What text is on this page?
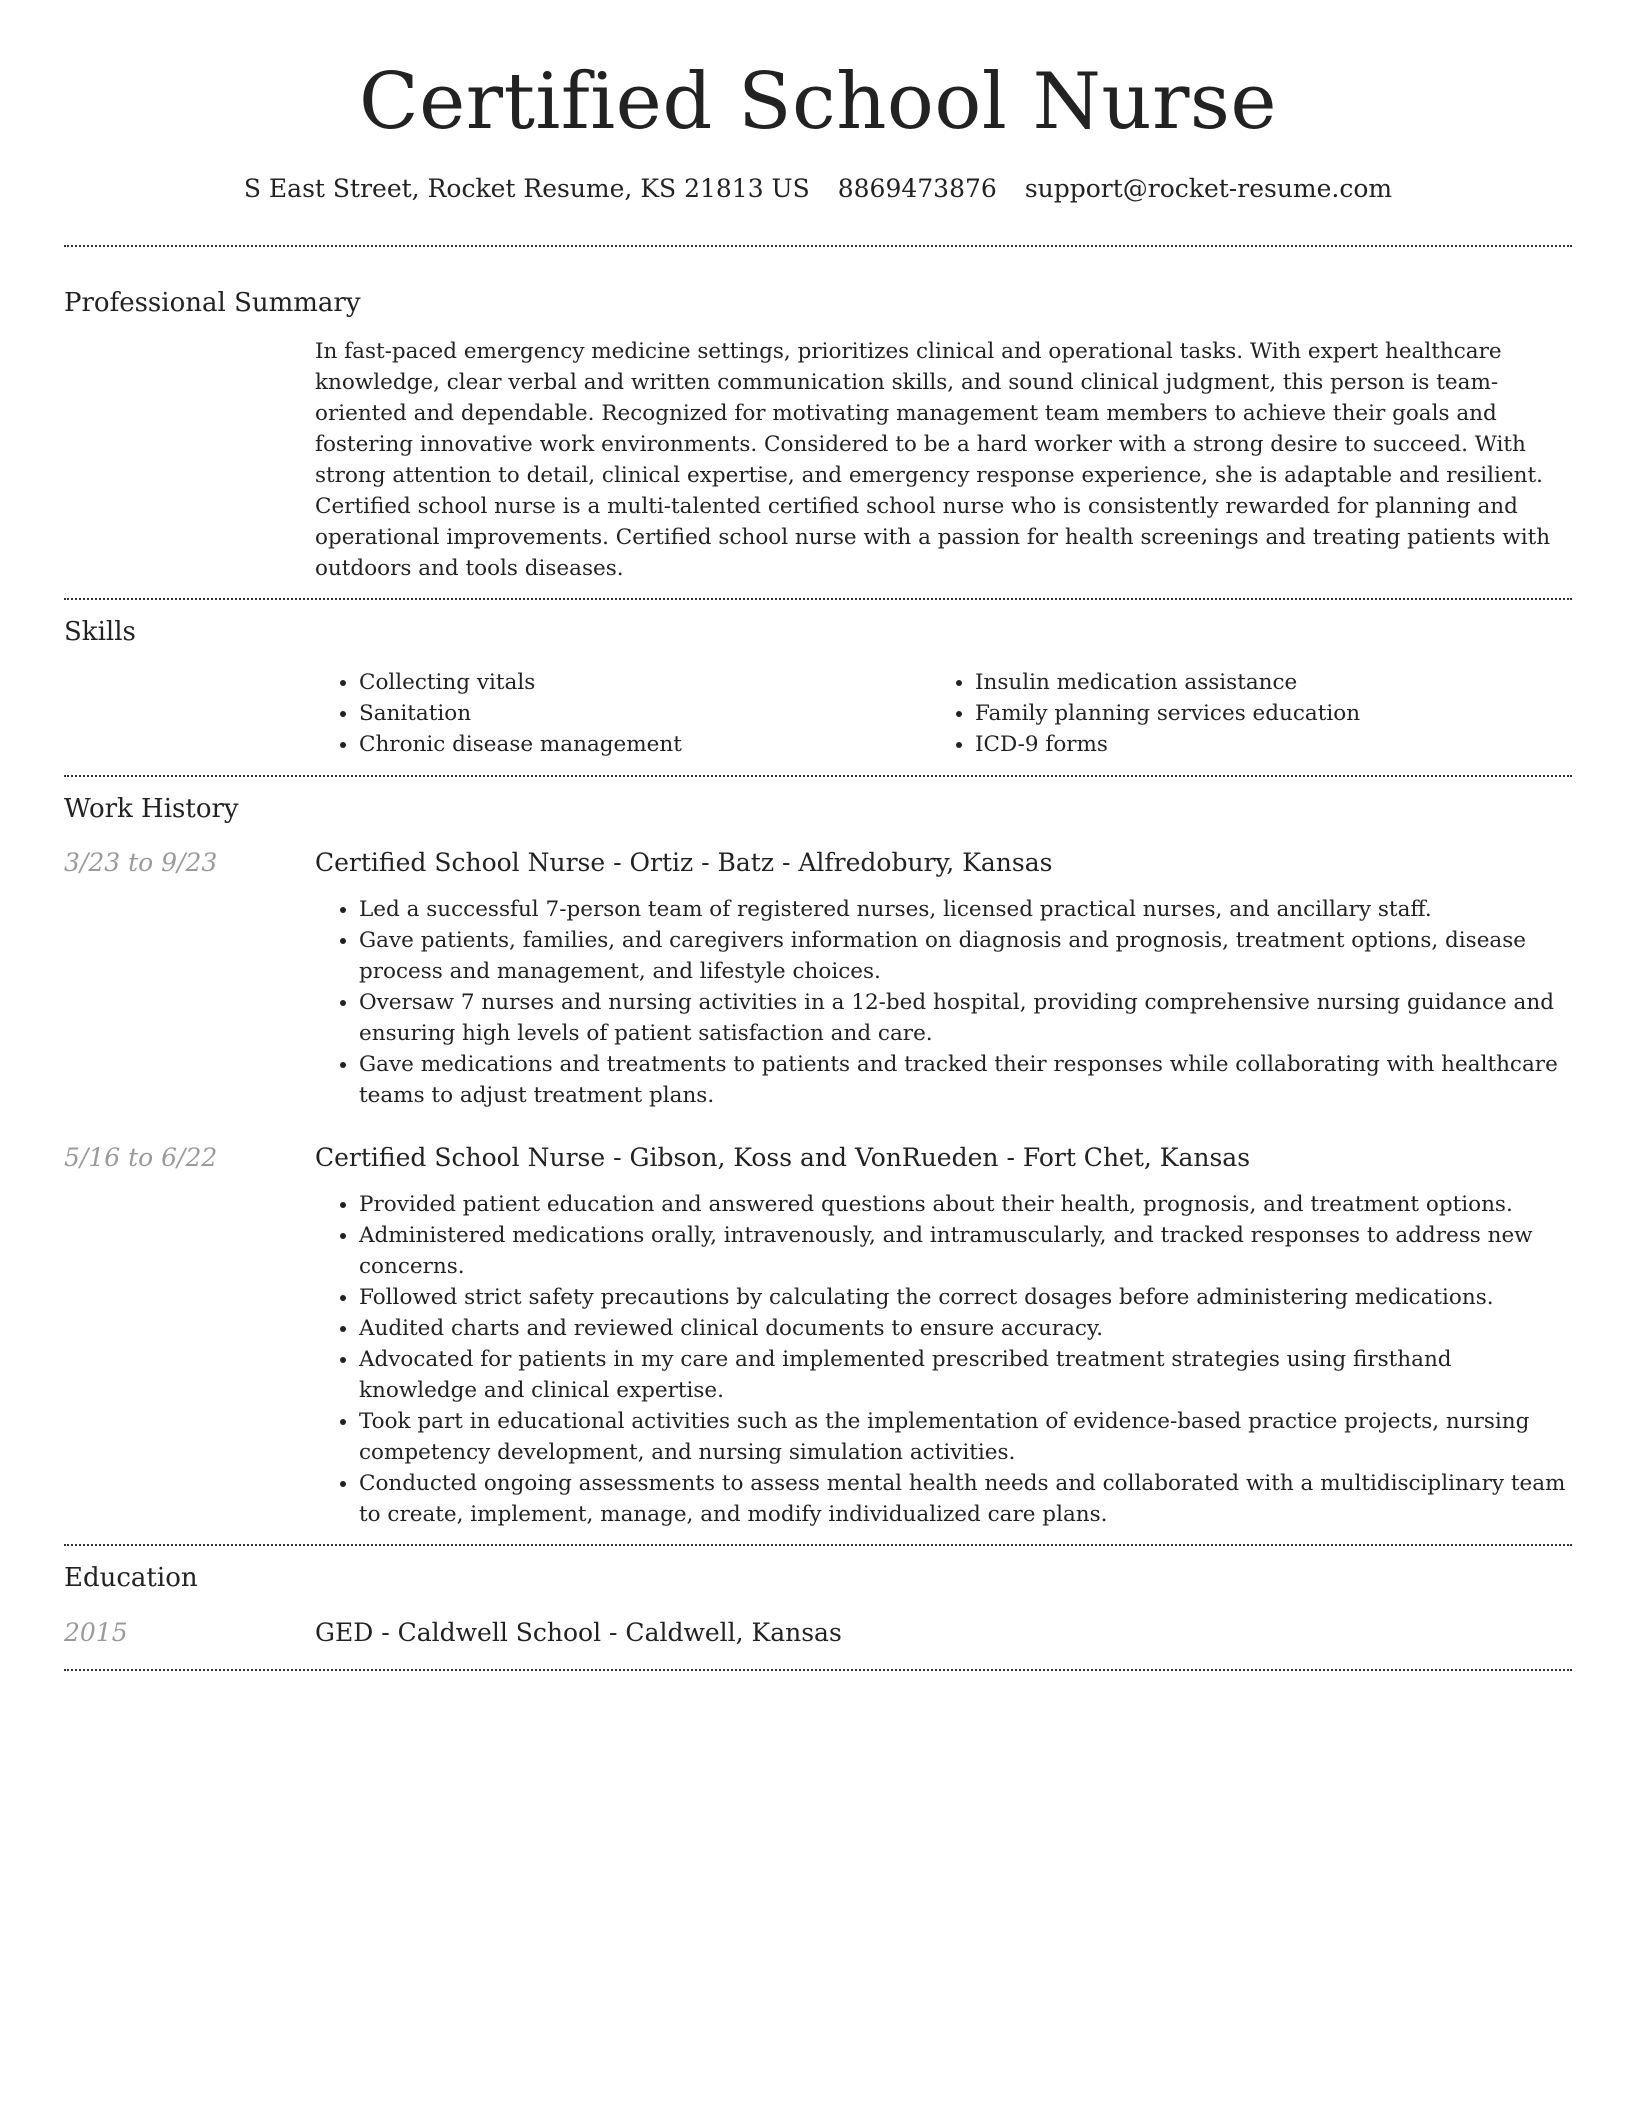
Certified School Nurse
S East Street, Rocket Resume, KS 21813 US 8869473876 support@rocket-resume.com
Professional Summary

In fast-paced emergency medicine settings, prioritizes clinical and operational tasks. With expert healthcare knowledge, clear verbal and written communication skills, and sound clinical judgment, this person is team-oriented and dependable. Recognized for motivating management team members to achieve their goals and fostering innovative work environments. Considered to be a hard worker with a strong desire to succeed. With strong attention to detail, clinical expertise, and emergency response experience, she is adaptable and resilient. Certified school nurse is a multi-talented certified school nurse who is consistently rewarded for planning and operational improvements. Certified school nurse with a passion for health screenings and treating patients with outdoors and tools diseases.

Skills
• Collecting vitals
• Sanitation
• Chronic disease management
• Insulin medication assistance
• Family planning services education
• ICD-9 forms
Work History
3/23 to 9/23	Certified School Nurse - Ortiz - Batz - Alfredobury, Kansas
• Led a successful 7-person team of registered nurses, licensed practical nurses, and ancillary staff.
• Gave patients, families, and caregivers information on diagnosis and prognosis, treatment options, disease process and management, and lifestyle choices.
• Oversaw 7 nurses and nursing activities in a 12-bed hospital, providing comprehensive nursing guidance and ensuring high levels of patient satisfaction and care.
• Gave medications and treatments to patients and tracked their responses while collaborating with healthcare teams to adjust treatment plans.
5/16 to 6/22	Certified School Nurse - Gibson, Koss and VonRueden - Fort Chet, Kansas
• Provided patient education and answered questions about their health, prognosis, and treatment options.
• Administered medications orally, intravenously, and intramuscularly, and tracked responses to address new concerns.
• Followed strict safety precautions by calculating the correct dosages before administering medications.
• Audited charts and reviewed clinical documents to ensure accuracy.
• Advocated for patients in my care and implemented prescribed treatment strategies using firsthand knowledge and clinical expertise.
• Took part in educational activities such as the implementation of evidence-based practice projects, nursing competency development, and nursing simulation activities.
• Conducted ongoing assessments to assess mental health needs and collaborated with a multidisciplinary team to create, implement, manage, and modify individualized care plans.
Education
2015	GED - Caldwell School - Caldwell, Kansas
